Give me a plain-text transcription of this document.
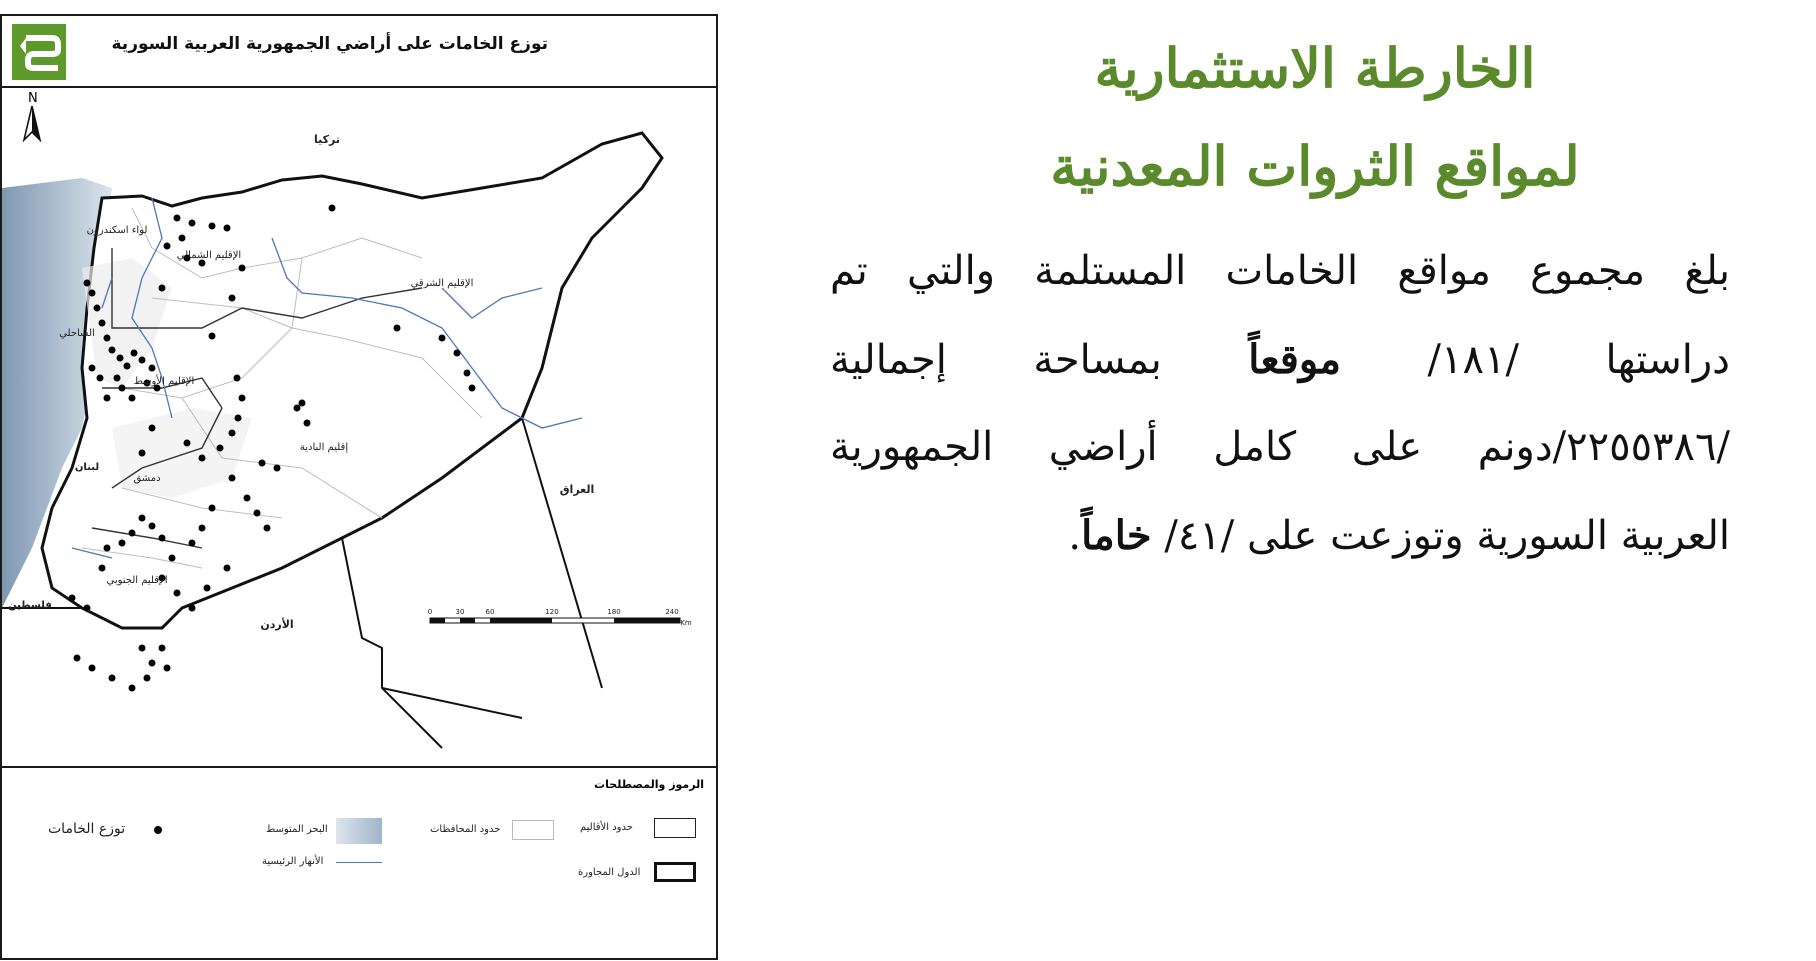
توزع الخامات على أراضي الجمهورية العربية السورية
N
تركيا
العراق
الأردن
لبنان
فلسطين
الإقليم الشمالي
الإقليم الشرقي
الإقليم الأوسط
إقليم البادية
الإقليم الجنوبي
الساحلي
لواء اسكندرون
دمشق
0	30	60	120	180	240
Km
الرموز والمصطلحات
حدود الأقاليم
حدود المحافظات
البحر المتوسط
توزع الخامات
الدول المجاورة
الأنهار الرئيسية
الخارطة الاستثمارية
لمواقع الثروات المعدنية
بلغ مجموع مواقع الخامات المستلمة والتي تم
دراستها /١٨١/ موقعاً بمساحة إجمالية
/٢٢٥٥٣٨٦/دونم على كامل أراضي الجمهورية
العربية السورية وتوزعت على /٤١/ خاماً.
